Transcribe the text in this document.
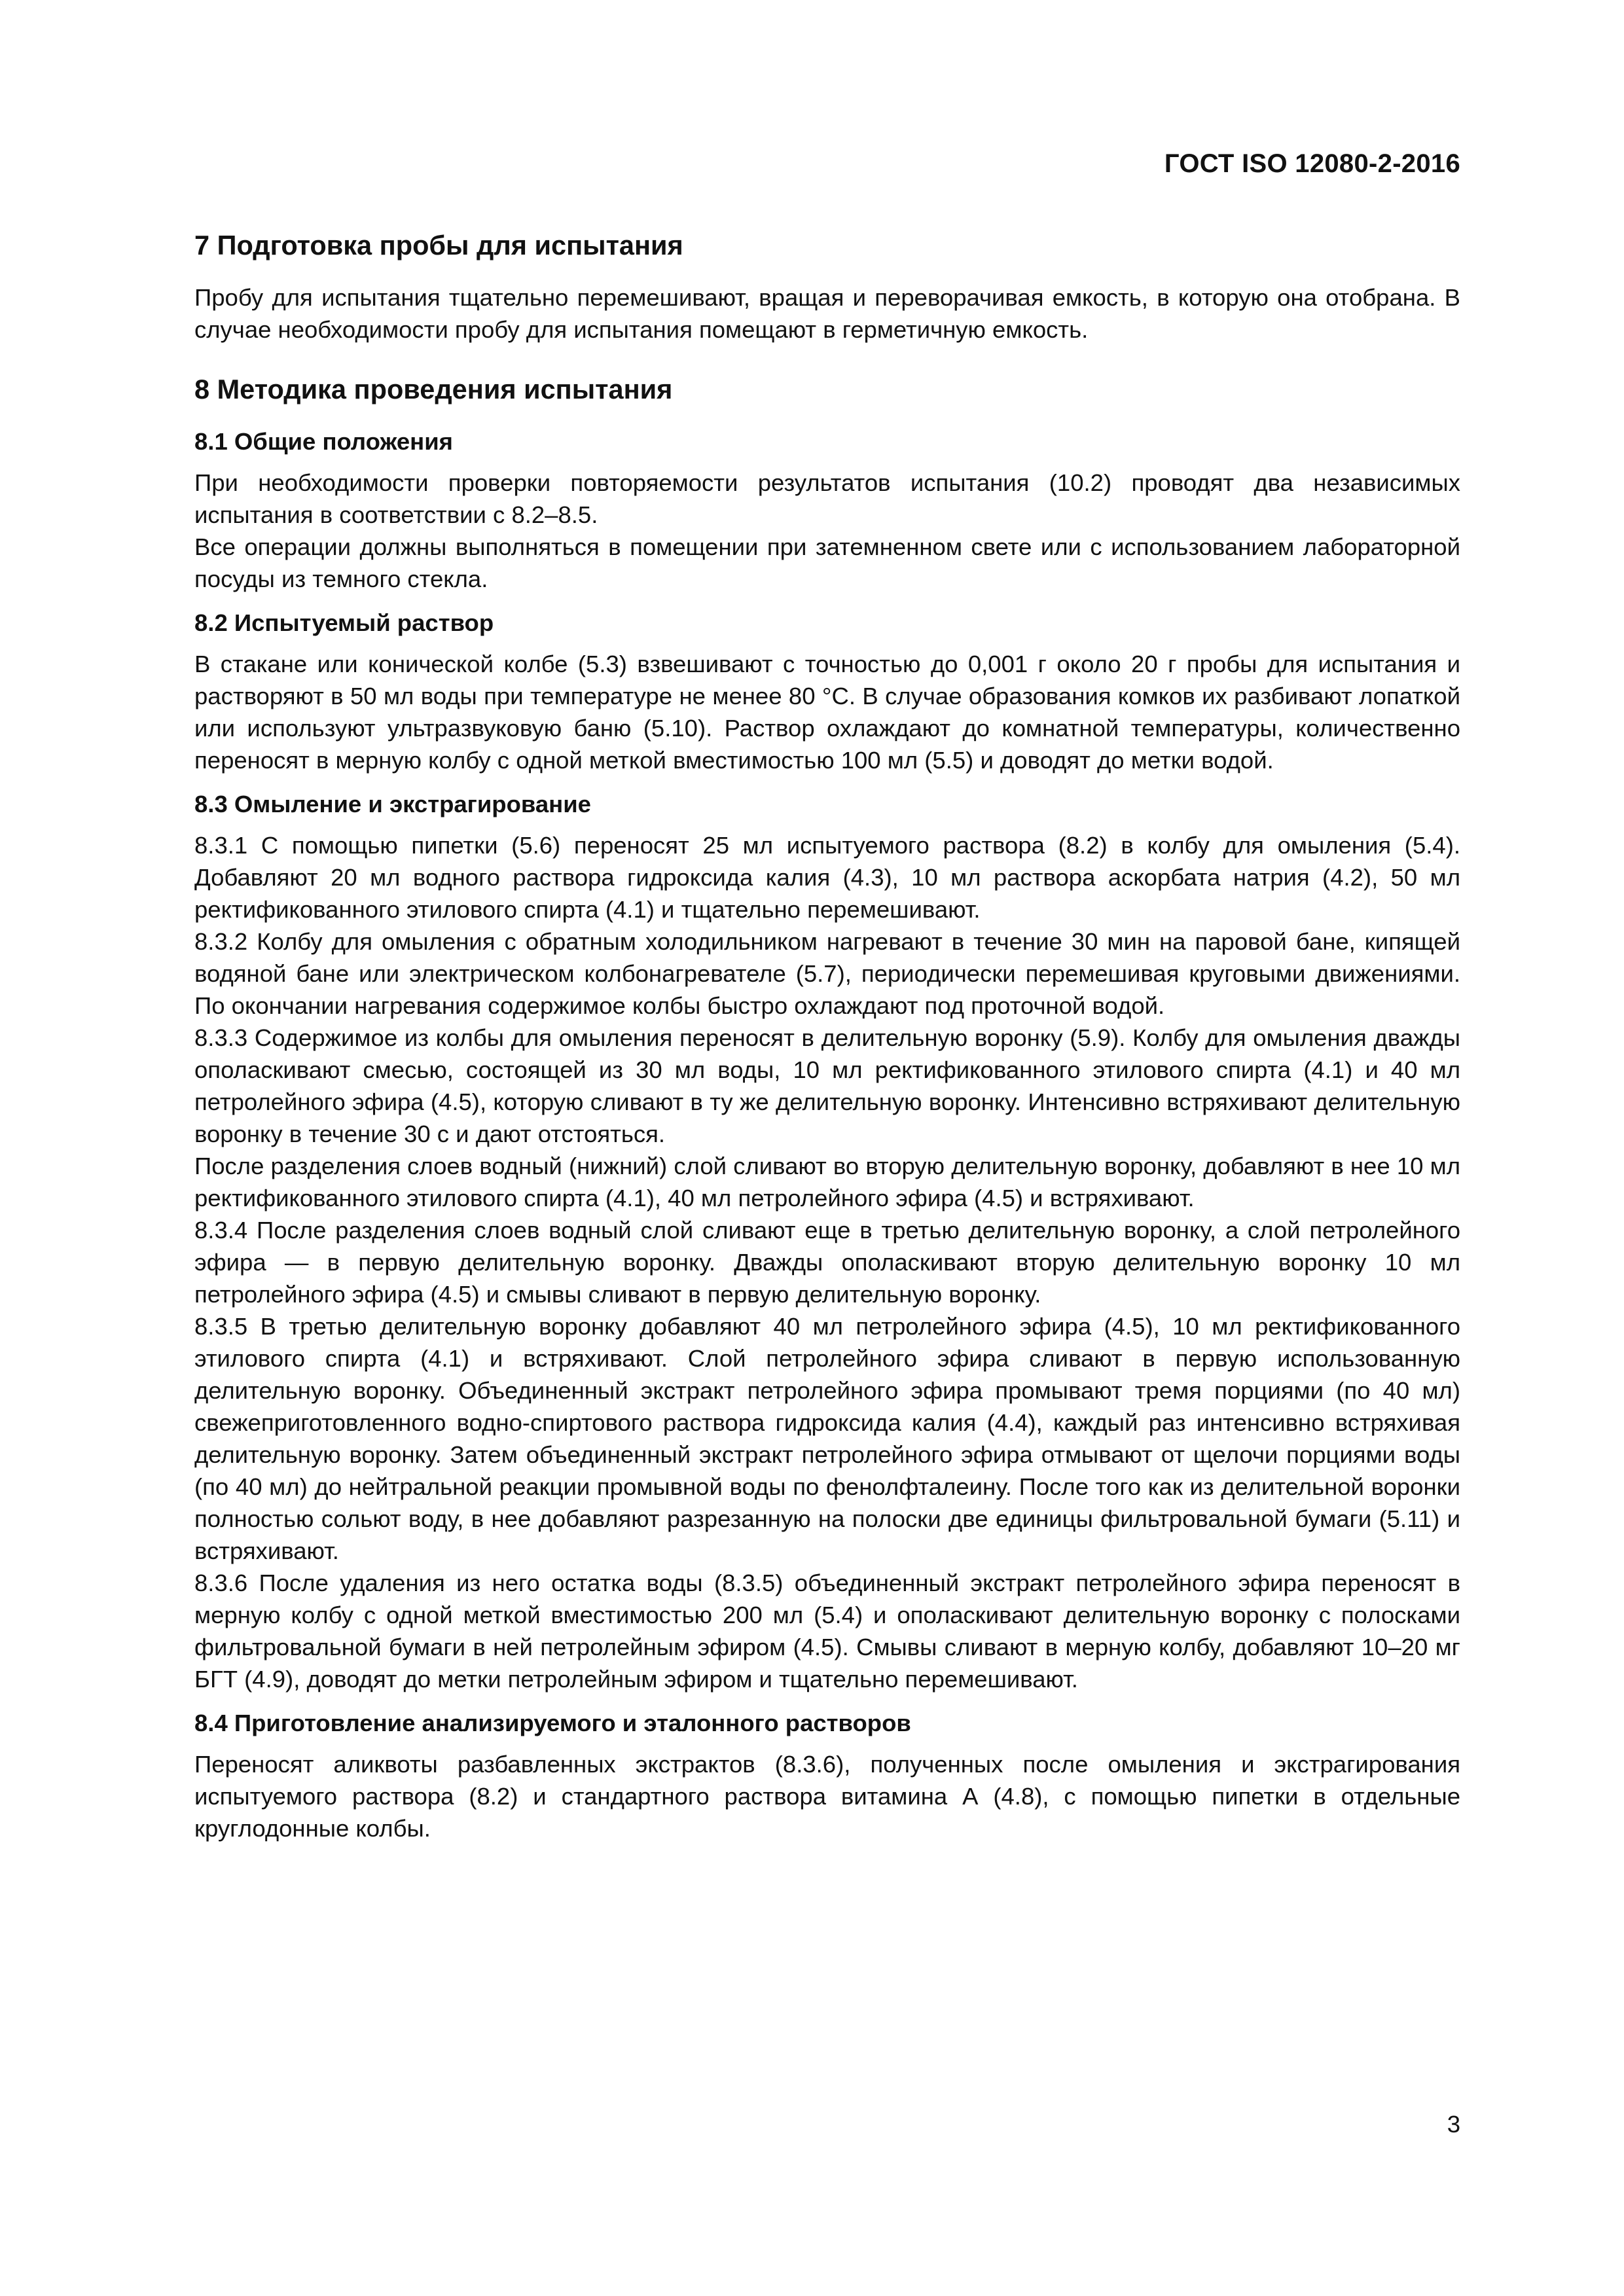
ГОСТ ISO 12080-2-2016
7 Подготовка пробы для испытания

Пробу для испытания тщательно перемешивают, вращая и переворачивая емкость, в которую она отобрана. В случае необходимости пробу для испытания помещают в герметичную емкость.

8 Методика проведения испытания
8.1 Общие положения

При необходимости проверки повторяемости результатов испытания (10.2) проводят два независимых испытания в соответствии с 8.2–8.5.

Все операции должны выполняться в помещении при затемненном свете или с использованием лабораторной посуды из темного стекла.

8.2 Испытуемый раствор

В стакане или конической колбе (5.3) взвешивают с точностью до 0,001 г около 20 г пробы для испытания и растворяют в 50 мл воды при температуре не менее 80 °С. В случае образования комков их разбивают лопаткой или используют ультразвуковую баню (5.10). Раствор охлаждают до комнатной температуры, количественно переносят в мерную колбу с одной меткой вместимостью 100 мл (5.5) и доводят до метки водой.

8.3 Омыление и экстрагирование

8.3.1 С помощью пипетки (5.6) переносят 25 мл испытуемого раствора (8.2) в колбу для омыления (5.4). Добавляют 20 мл водного раствора гидроксида калия (4.3), 10 мл раствора аскорбата натрия (4.2), 50 мл ректификованного этилового спирта (4.1) и тщательно перемешивают.

8.3.2 Колбу для омыления с обратным холодильником нагревают в течение 30 мин на паровой бане, кипящей водяной бане или электрическом колбонагревателе (5.7), периодически перемешивая круговыми движениями. По окончании нагревания содержимое колбы быстро охлаждают под проточной водой.

8.3.3 Содержимое из колбы для омыления переносят в делительную воронку (5.9). Колбу для омыления дважды ополаскивают смесью, состоящей из 30 мл воды, 10 мл ректификованного этилового спирта (4.1) и 40 мл петролейного эфира (4.5), которую сливают в ту же делительную воронку. Интенсивно встряхивают делительную воронку в течение 30 с и дают отстояться.

После разделения слоев водный (нижний) слой сливают во вторую делительную воронку, добавляют в нее 10 мл ректификованного этилового спирта (4.1), 40 мл петролейного эфира (4.5) и встряхивают.

8.3.4 После разделения слоев водный слой сливают еще в третью делительную воронку, а слой петролейного эфира — в первую делительную воронку. Дважды ополаскивают вторую делительную воронку 10 мл петролейного эфира (4.5) и смывы сливают в первую делительную воронку.

8.3.5 В третью делительную воронку добавляют 40 мл петролейного эфира (4.5), 10 мл ректификованного этилового спирта (4.1) и встряхивают. Слой петролейного эфира сливают в первую использованную делительную воронку. Объединенный экстракт петролейного эфира промывают тремя порциями (по 40 мл) свежеприготовленного водно-спиртового раствора гидроксида калия (4.4), каждый раз интенсивно встряхивая делительную воронку. Затем объединенный экстракт петролейного эфира отмывают от щелочи порциями воды (по 40 мл) до нейтральной реакции промывной воды по фенолфталеину. После того как из делительной воронки полностью сольют воду, в нее добавляют разрезанную на полоски две единицы фильтровальной бумаги (5.11) и встряхивают.

8.3.6 После удаления из него остатка воды (8.3.5) объединенный экстракт петролейного эфира переносят в мерную колбу с одной меткой вместимостью 200 мл (5.4) и ополаскивают делительную воронку с полосками фильтровальной бумаги в ней петролейным эфиром (4.5). Смывы сливают в мерную колбу, добавляют 10–20 мг БГТ (4.9), доводят до метки петролейным эфиром и тщательно перемешивают.

8.4 Приготовление анализируемого и эталонного растворов

Переносят аликвоты разбавленных экстрактов (8.3.6), полученных после омыления и экстрагирования испытуемого раствора (8.2) и стандартного раствора витамина А (4.8), с помощью пипетки в отдельные круглодонные колбы.

3
